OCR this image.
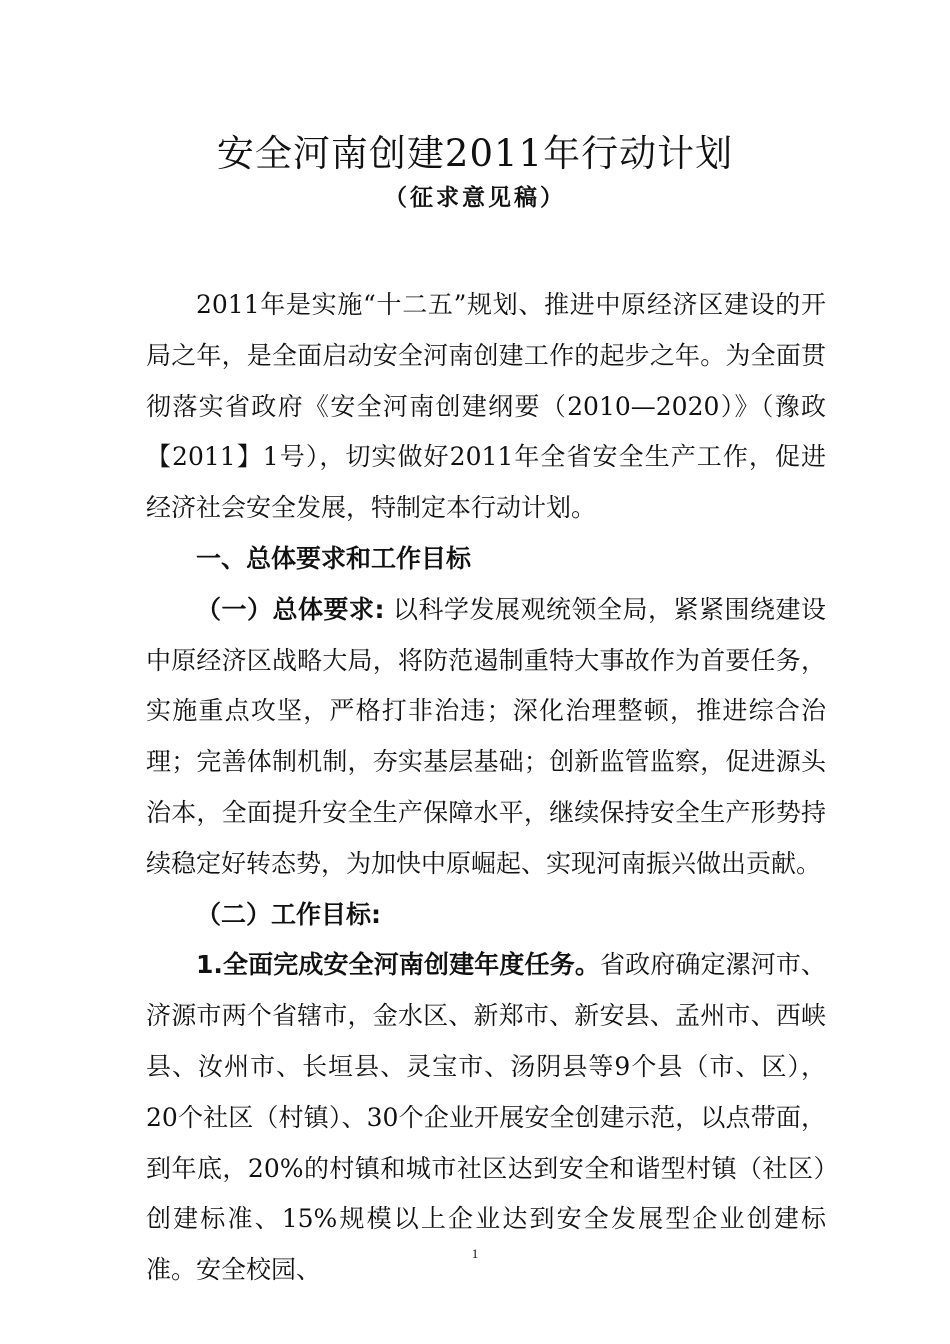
安全河南创建2011年行动计划
（征求意见稿）

2011年是实施“十二五”规划、推进中原经济区建设的开局之年，是全面启动安全河南创建工作的起步之年。为全面贯彻落实省政府《安全河南创建纲要（2010—2020）》（豫政【2011】1号），切实做好2011年全省安全生产工作，促进经济社会安全发展，特制定本行动计划。

一、总体要求和工作目标

（一）总体要求: 以科学发展观统领全局，紧紧围绕建设中原经济区战略大局，将防范遏制重特大事故作为首要任务，实施重点攻坚，严格打非治违；深化治理整顿，推进综合治理；完善体制机制，夯实基层基础；创新监管监察，促进源头治本，全面提升安全生产保障水平，继续保持安全生产形势持续稳定好转态势，为加快中原崛起、实现河南振兴做出贡献。

（二）工作目标:

1.全面完成安全河南创建年度任务。省政府确定漯河市、济源市两个省辖市，金水区、新郑市、新安县、孟州市、西峡县、汝州市、长垣县、灵宝市、汤阴县等9个县（市、区），20个社区（村镇）、30个企业开展安全创建示范，以点带面，到年底，20%的村镇和城市社区达到安全和谐型村镇（社区）创建标准、15%规模以上企业达到安全发展型企业创建标准。安全校园、

1
